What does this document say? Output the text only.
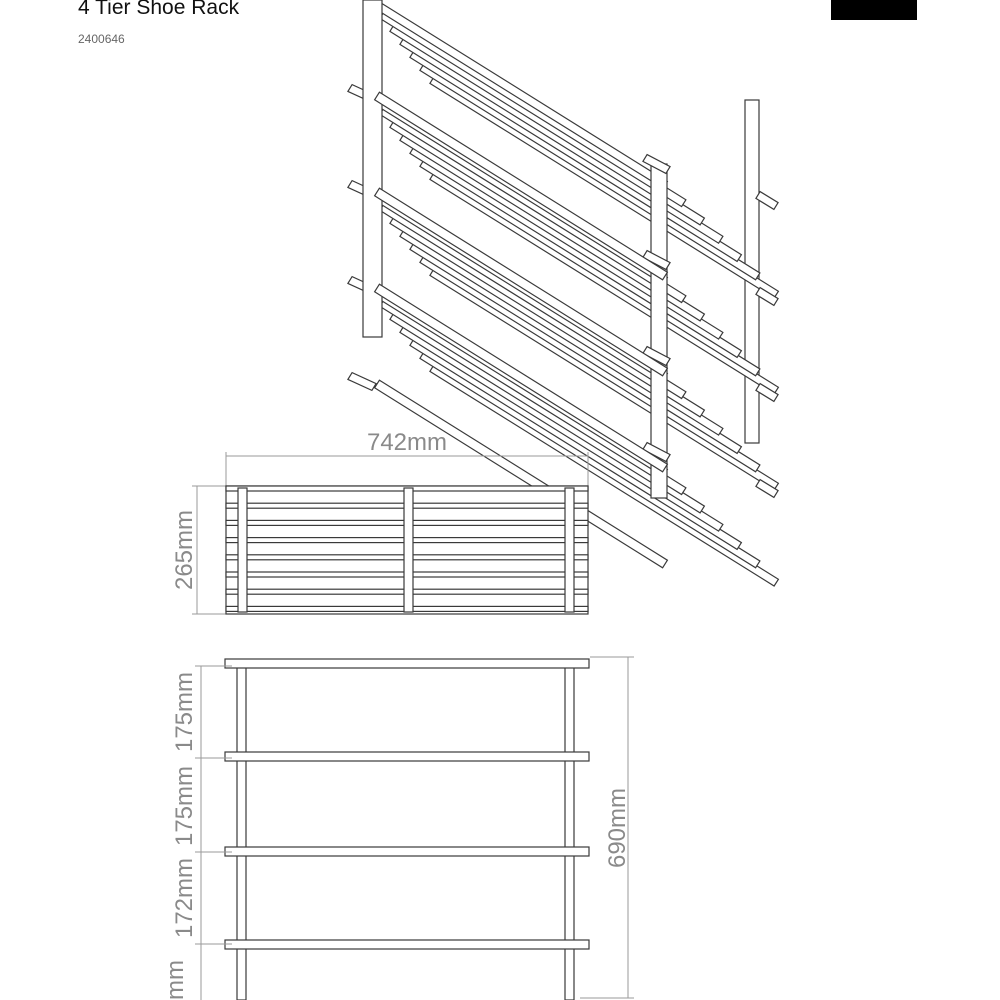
4 Tier Shoe Rack
2400646
742mm
265mm
175mm
175mm
172mm
mm
690mm
